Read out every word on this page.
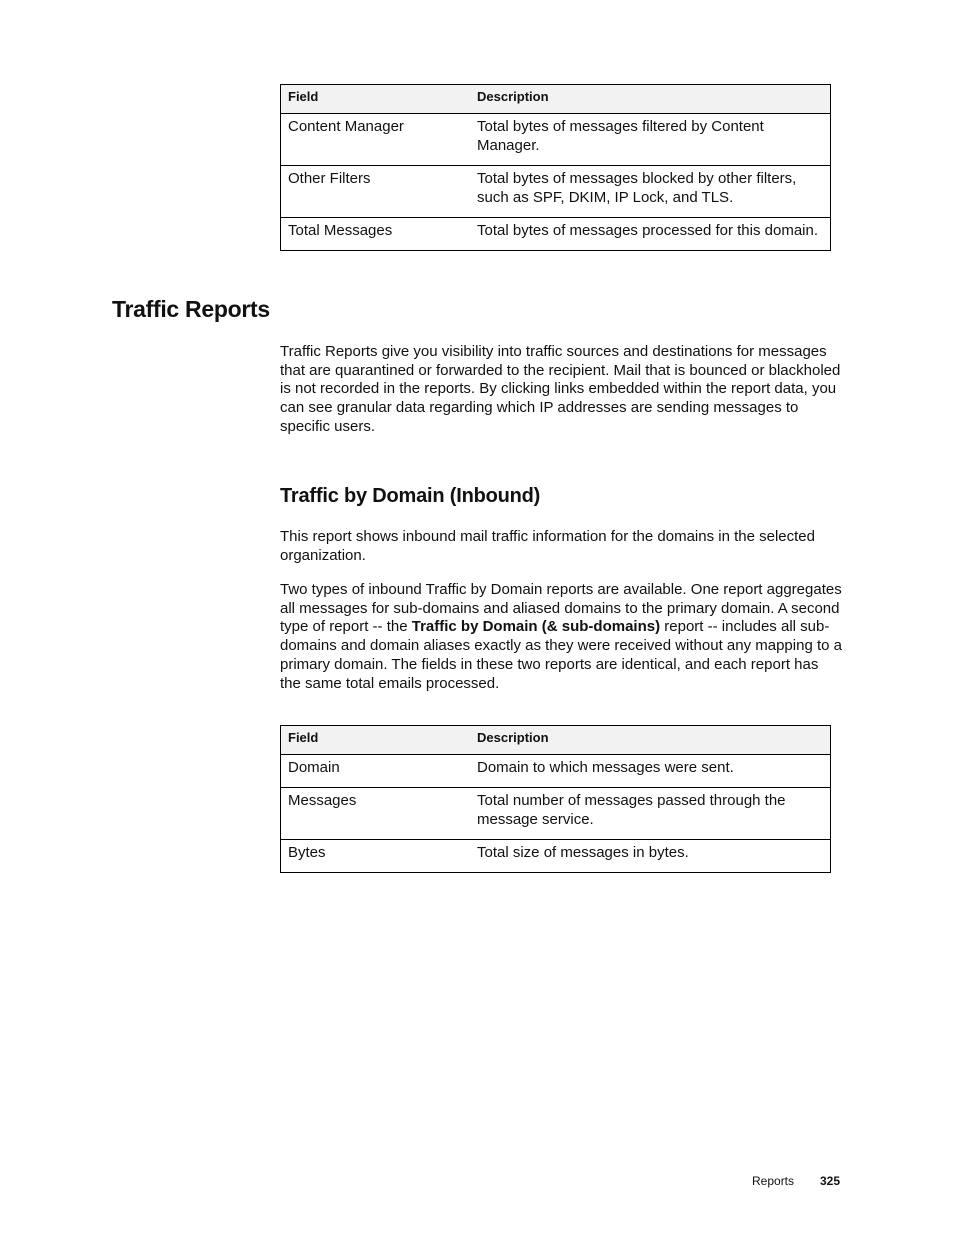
Field	Description
Content Manager	Total bytes of messages filtered by Content Manager.
Other Filters	Total bytes of messages blocked by other filters, such as SPF, DKIM, IP Lock, and TLS.
Total Messages	Total bytes of messages processed for this domain.
Traffic Reports

Traffic Reports give you visibility into traffic sources and destinations for messages that are quarantined or forwarded to the recipient. Mail that is bounced or blackholed is not recorded in the reports. By clicking links embedded within the report data, you can see granular data regarding which IP addresses are sending messages to specific users.

Traffic by Domain (Inbound)

This report shows inbound mail traffic information for the domains in the selected organization.

Two types of inbound Traffic by Domain reports are available. One report aggregates all messages for sub-domains and aliased domains to the primary domain. A second type of report -- the Traffic by Domain (& sub-domains) report -- includes all sub-domains and domain aliases exactly as they were received without any mapping to a primary domain. The fields in these two reports are identical, and each report has the same total emails processed.

Field	Description
Domain	Domain to which messages were sent.
Messages	Total number of messages passed through the message service.
Bytes	Total size of messages in bytes.
Reports 325
